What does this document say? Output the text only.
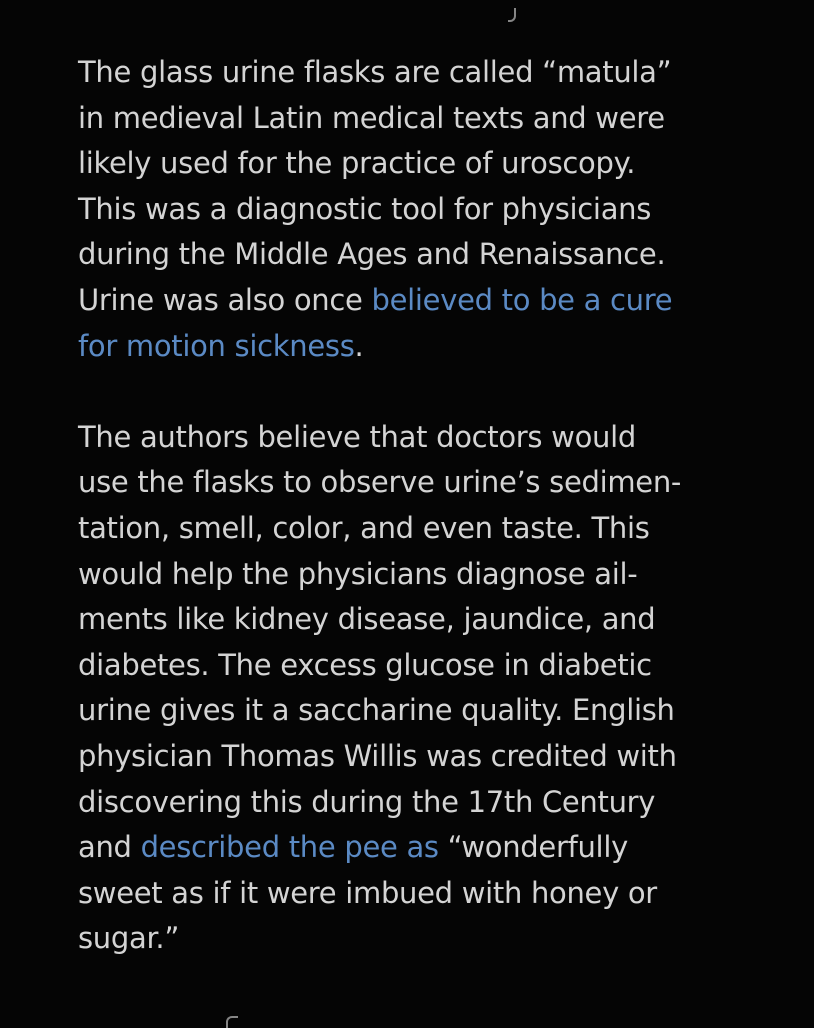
The glass urine flasks are called “matula”
in medieval Latin medical texts and were
likely used for the practice of uroscopy.
This was a diagnostic tool for physicians
during the Middle Ages and Renaissance.
Urine was also once believed to be a cure
for motion sickness.

The authors believe that doctors would
use the flasks to observe urine’s sedimen-
tation, smell, color, and even taste. This
would help the physicians diagnose ail-
ments like kidney disease, jaundice, and
diabetes. The excess glucose in diabetic
urine gives it a saccharine quality. English
physician Thomas Willis was credited with
discovering this during the 17th Century
and described the pee as “wonderfully
sweet as if it were imbued with honey or
sugar.”
